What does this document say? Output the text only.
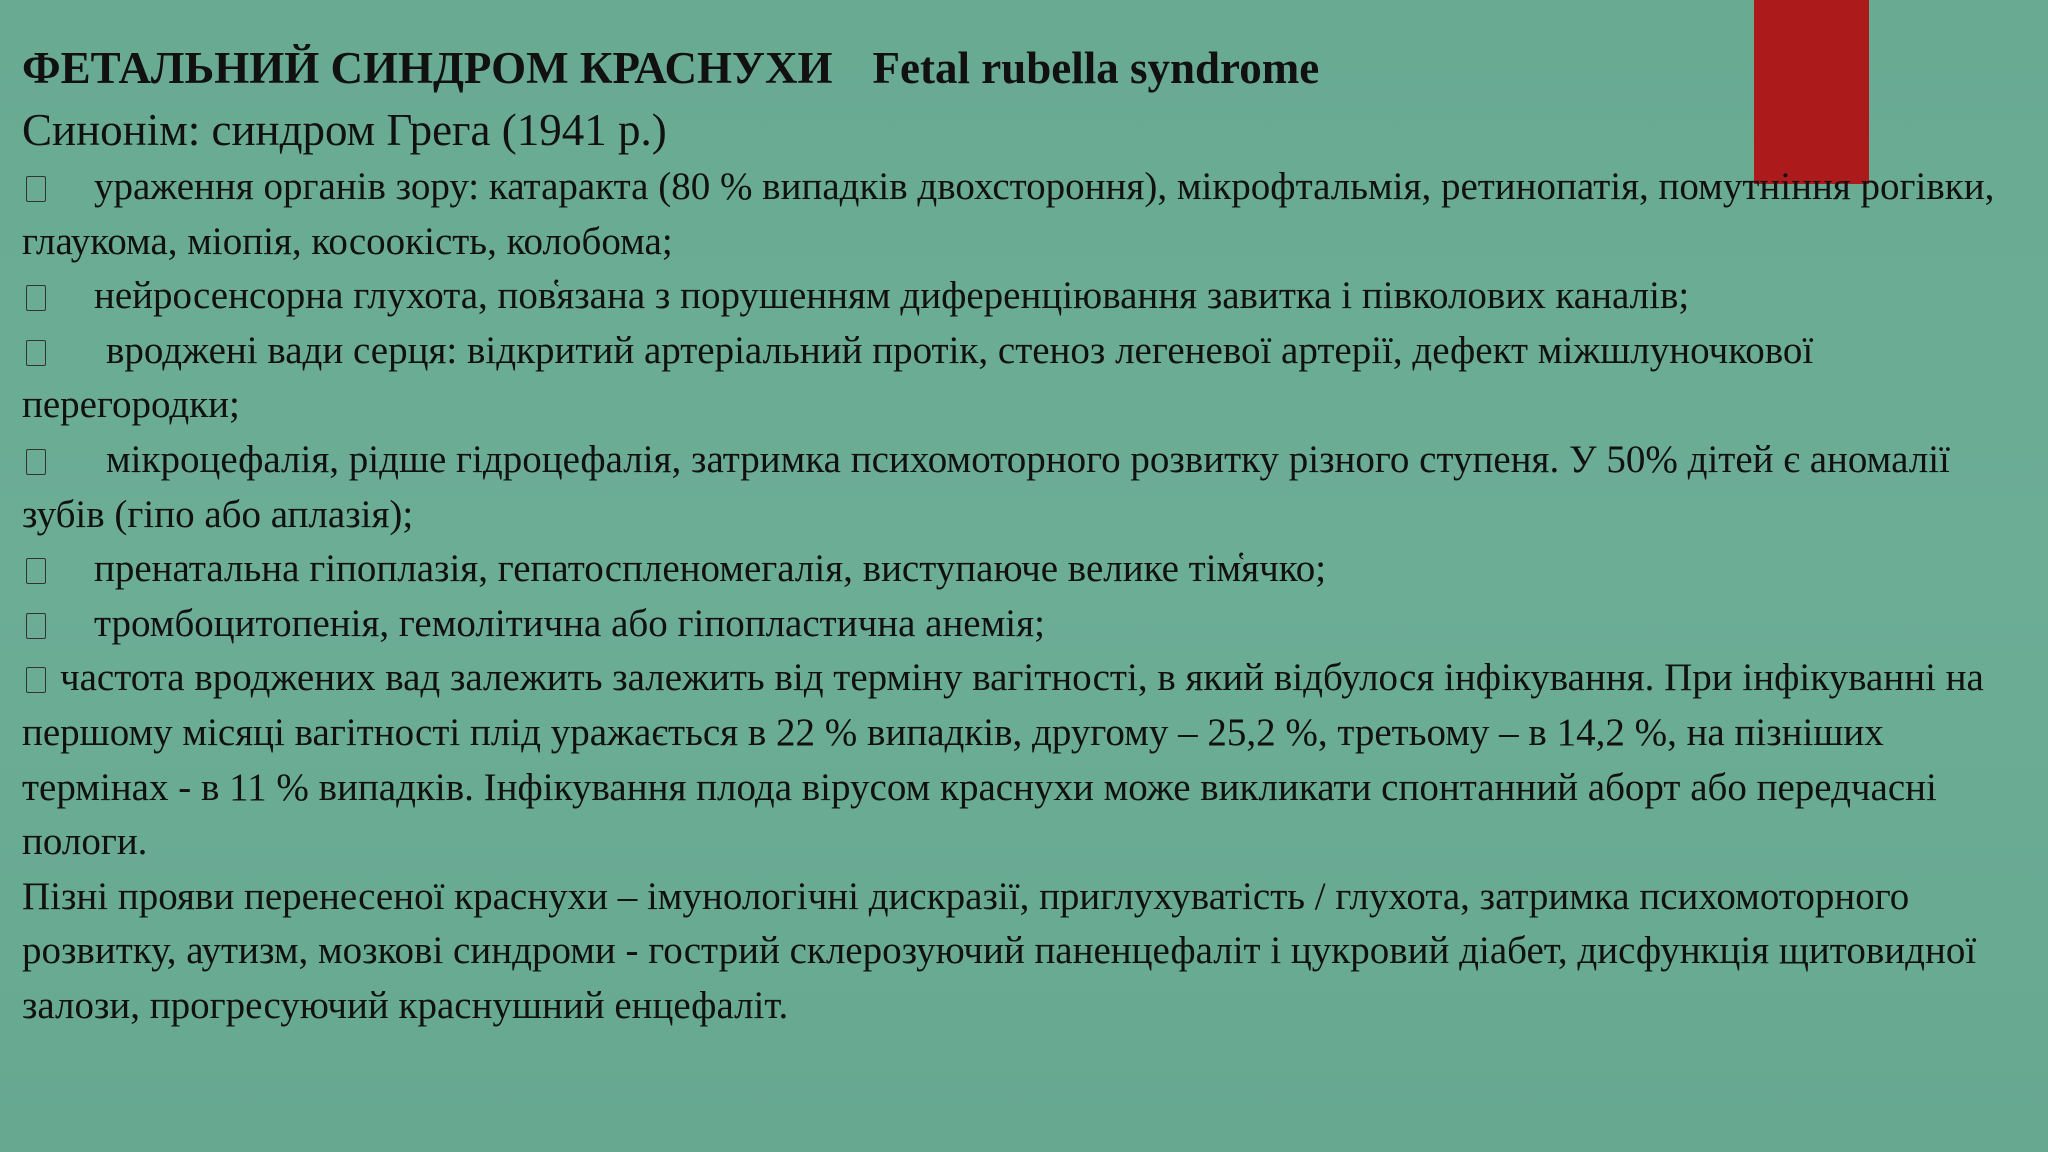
ФЕТАЛЬНИЙ СИНДРОМ КРАСНУХИ Fetal rubella syndrome

Синонім: синдром Грега (1941 р.)

ураження органів зору: катаракта (80 % випадків двохстороння), мікрофтальмія, ретинопатія, помутніння рогівки, глаукома, міопія, косоокість, колобома;

нейросенсорна глухота, пов҅язана з порушенням диференціювання завитка і півколових каналів;

вроджені вади серця: відкритий артеріальний протік, стеноз легеневої артерії, дефект міжшлуночкової перегородки;

мікроцефалія, рідше гідроцефалія, затримка психомоторного розвитку різного ступеня. У 50% дітей є аномалії зубів (гіпо або аплазія);

пренатальна гіпоплазія, гепатоспленомегалія, виступаюче велике тім҅ячко;

тромбоцитопенія, гемолітична або гіпопластична анемія;

частота вроджених вад залежить залежить від терміну вагітності, в який відбулося інфікування. При інфікуванні на першому місяці вагітності плід уражається в 22 % випадків, другому – 25,2 %, третьому – в 14,2 %, на пізніших термінах - в 11 % випадків. Інфікування плода вірусом краснухи може викликати спонтанний аборт або передчасні пологи.

Пізні прояви перенесеної краснухи – імунологічні дискразії, приглухуватість / глухота, затримка психомоторного розвитку, аутизм, мозкові синдроми - гострий склерозуючий паненцефаліт і цукровий діабет, дисфункція щитовидної залози, прогресуючий краснушний енцефаліт.
